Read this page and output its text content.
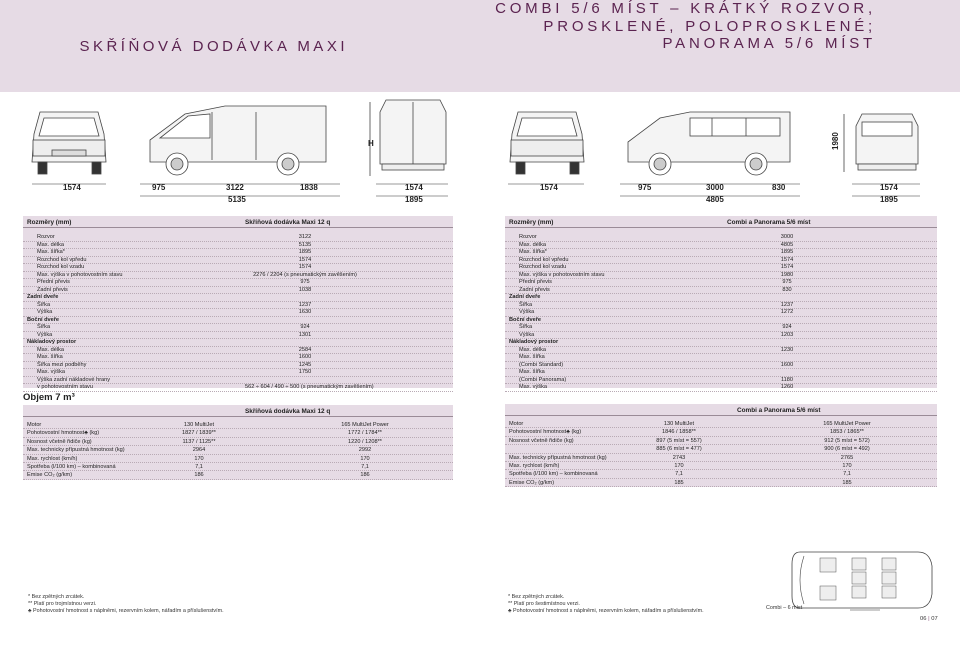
SKŘÍŇOVÁ DODÁVKA MAXI
COMBI 5/6 MÍST – KRÁTKÝ ROZVOR,
PROSKLENÉ, POLOPROSKLENÉ;
PANORAMA 5/6 MÍST
H	1980
1574	975	3122	1838
5135
1574
1895
1574	975	3000	830
4805
1574
1895
Rozměry (mm)	Skříňová dodávka Maxi 12 q
Rozvor	3122
Max. délka	5135
Max. šířka*	1895
Rozchod kol vpředu	1574
Rozchod kol vzadu	1574
Max. výška v pohotovostním stavu	2276 / 2204 (s pneumatickým zavěšením)
Přední převis	975
Zadní převis	1038
Zadní dveře
Šířka	1237
Výška	1630
Boční dveře
Šířka	924
Výška	1301
Nákladový prostor
Max. délka	2584
Max. šířka	1600
Šířka mezi podběhy	1245
Max. výška	1750
Výška zadní nákladové hrany
v pohotovostním stavu	562 ÷ 604 / 490 ÷ 500 (s pneumatickým zavěšením)
Rozměry (mm)	Combi a Panorama 5/6 míst
Rozvor	3000
Max. délka	4805
Max. šířka*	1895
Rozchod kol vpředu	1574
Rozchod kol vzadu	1574
Max. výška v pohotovostním stavu	1980
Přední převis	975
Zadní převis	830
Zadní dveře
Šířka	1237
Výška	1272
Boční dveře
Šířka	924
Výška	1203
Nákladový prostor
Max. délka	1230
Max. šířka
(Combi Standard)	1600
Max. šířka
(Combi Panorama)	1180
Max. výška	1260
Objem 7 m³
Skříňová dodávka Maxi 12 q
Motor	130 MultiJet	165 MultiJet Power
Pohotovostní hmotnost♣ (kg)	1827 / 1839**	1772 / 1784**
Nosnost včetně řidiče (kg)	1137 / 1125**	1220 / 1208**
Max. technicky přípustná hmotnost (kg)	2964	2992
Max. rychlost (km/h)	170	170
Spotřeba (l/100 km) – kombinovaná	7,1	7,1
Emise CO₂ (g/km)	186	186
Combi a Panorama 5/6 míst
Motor	130 MultiJet	165 MultiJet Power
Pohotovostní hmotnost♣ (kg)	1846 / 1858**	1853 / 1865**
Nosnost včetně řidiče (kg)	897 (5 míst = 557)	912 (5 míst = 572)
885 (6 míst = 477)	900 (6 míst = 492)
Max. technicky přípustná hmotnost (kg)	2743	2765
Max. rychlost (km/h)	170	170
Spotřeba (l/100 km) – kombinovaná	7,1	7,1
Emise CO₂ (g/km)	185	185
* Bez zpětných zrcátek.
** Platí pro trojmístnou verzi.
♣ Pohotovostní hmotnost s náplněmi, rezervním kolem, nářadím a příslušenstvím.
* Bez zpětných zrcátek.
** Platí pro šestimístnou verzi.
♣ Pohotovostní hmotnost s náplněmi, rezervním kolem, nářadím a příslušenstvím.	Combi – 6 míst
06 | 07
